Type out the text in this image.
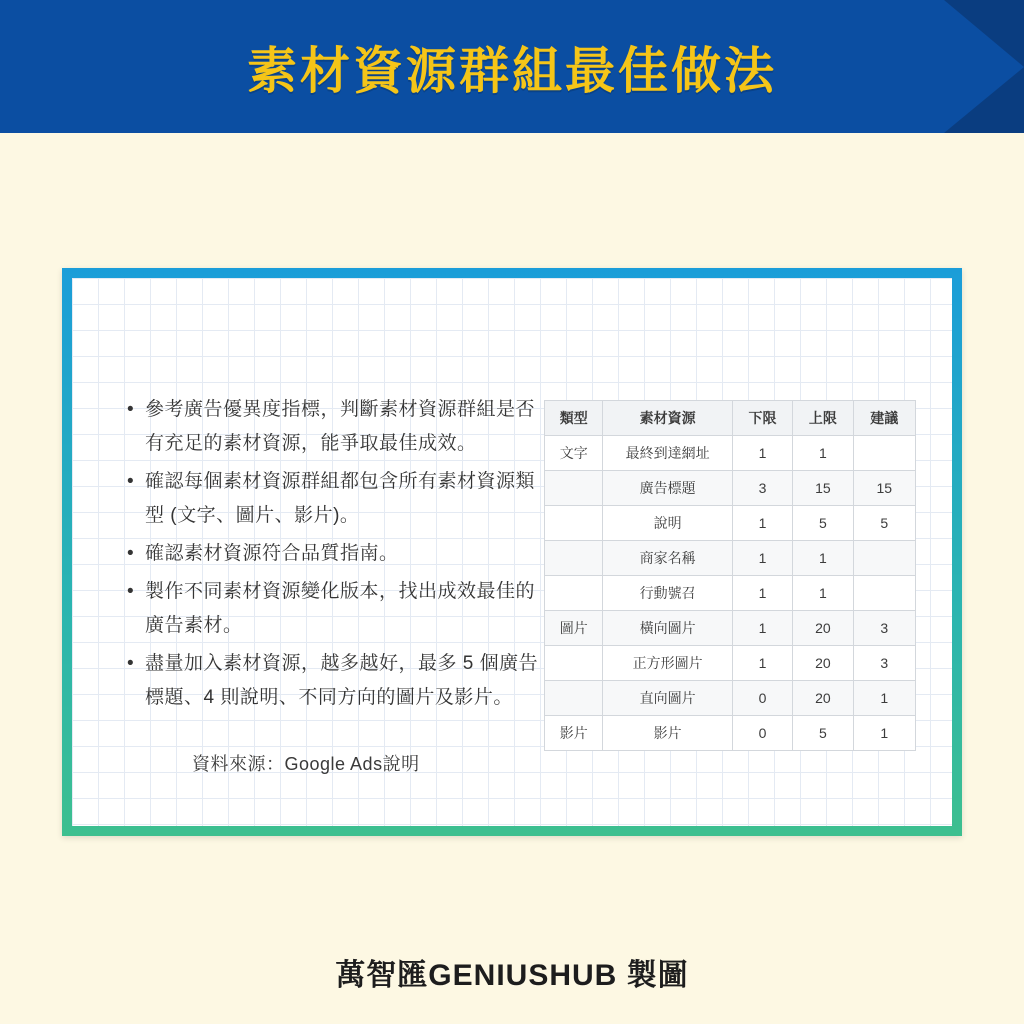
素材資源群組最佳做法
• 參考廣告優異度指標，判斷素材資源群組是否有充足的素材資源，能爭取最佳成效。
• 確認每個素材資源群組都包含所有素材資源類型 (文字、圖片、影片)。
• 確認素材資源符合品質指南。
• 製作不同素材資源變化版本，找出成效最佳的廣告素材。
• 盡量加入素材資源，越多越好，最多 5 個廣告標題、4 則說明、不同方向的圖片及影片。
資料來源：Google Ads說明
類型	素材資源	下限	上限	建議
文字	最終到達網址	1	1	
	廣告標題	3	15	15
	說明	1	5	5
	商家名稱	1	1	
	行動號召	1	1	
圖片	橫向圖片	1	20	3
	正方形圖片	1	20	3
	直向圖片	0	20	1
影片	影片	0	5	1
萬智匯GENIUSHUB 製圖
